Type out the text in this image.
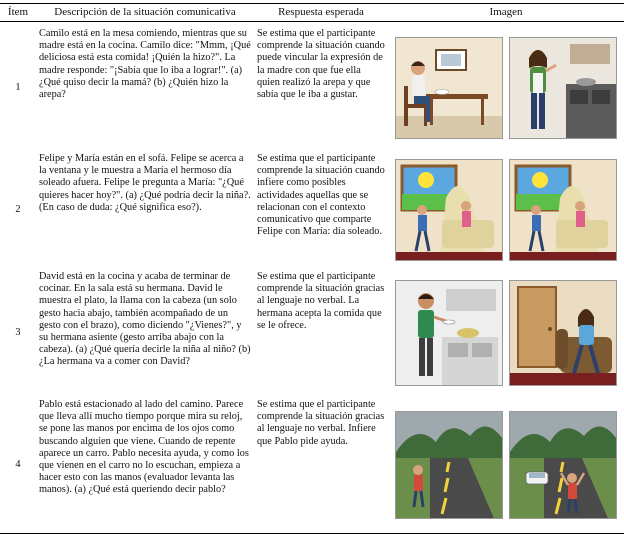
Ítem	Descripción de la situación comunicativa	Respuesta esperada	Imagen
1	Camilo está en la mesa comiendo, mientras que su madre está en la cocina. Camilo dice: "Mmm, ¡Qué deliciosa está esta comida! ¡Quién la hizo?". La madre responde: "¡Sabía que lo iba a lograr!". (a) ¿Qué quiso decir la mamá? (b) ¿Quién hizo la arepa?	Se estima que el participante comprende la situación cuando puede vincular la expresión de la madre con que fue ella quien realizó la arepa y que sabía que le iba a gustar.	

2	Felipe y María están en el sofá. Felipe se acerca a la ventana y le muestra a María el hermoso día soleado afuera. Felipe le pregunta a María: "¿Qué quieres hacer hoy?". (a) ¿Qué podría decir la niña?. (En caso de duda: ¿Qué significa eso?).	Se estima que el participante comprende la situación cuando infiere como posibles actividades aquellas que se relacionan con el contexto comunicativo que comparte Felipe con María: día soleado.	

3	David está en la cocina y acaba de terminar de cocinar. En la sala está su hermana. David le muestra el plato, la llama con la cabeza (un solo gesto hacia abajo, también acompañado de un gesto con el brazo), como diciendo "¿Vienes?", y su hermana asiente (gesto arriba abajo con la cabeza). (a) ¿Qué quería decirle la niña al niño? (b) ¿La hermana va a comer con David?	Se estima que el participante comprende la situación gracias al lenguaje no verbal. La hermana acepta la comida que se le ofrece.	

4	Pablo está estacionado al lado del camino. Parece que lleva allí mucho tiempo porque mira su reloj, se pone las manos por encima de los ojos como buscando alguien que viene. Cuando de repente aparece un carro. Pablo necesita ayuda, y como los que vienen en el carro no lo escuchan, empieza a hacer esto con las manos (evaluador levanta las manos). (a) ¿Qué está queriendo decir pablo?	Se estima que el participante comprende la situación gracias al lenguaje no verbal. Infiere que Pablo pide ayuda.	
